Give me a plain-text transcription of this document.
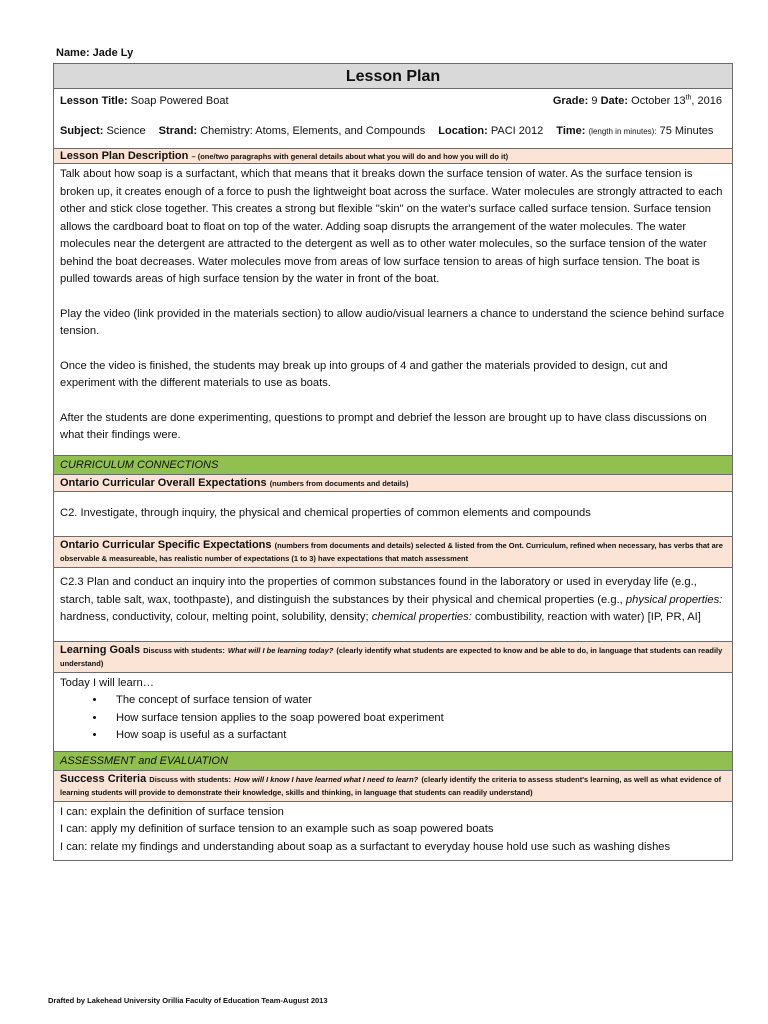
Name: Jade Ly
Lesson Plan
Lesson Title: Soap Powered Boat	Grade: 9 Date: October 13th, 2016
Subject: Science Strand: Chemistry: Atoms, Elements, and Compounds Location: PACI 2012 Time: (length in minutes): 75 Minutes
Lesson Plan Description – (one/two paragraphs with general details about what you will do and how you will do it)

Talk about how soap is a surfactant, which that means that it breaks down the surface tension of water. As the surface tension is broken up, it creates enough of a force to push the lightweight boat across the surface. Water molecules are strongly attracted to each other and stick close together. This creates a strong but flexible "skin" on the water's surface called surface tension. Surface tension allows the cardboard boat to float on top of the water. Adding soap disrupts the arrangement of the water molecules. The water molecules near the detergent are attracted to the detergent as well as to other water molecules, so the surface tension of the water behind the boat decreases. Water molecules move from areas of low surface tension to areas of high surface tension. The boat is pulled towards areas of high surface tension by the water in front of the boat.

Play the video (link provided in the materials section) to allow audio/visual learners a chance to understand the science behind surface tension.

Once the video is finished, the students may break up into groups of 4 and gather the materials provided to design, cut and experiment with the different materials to use as boats.

After the students are done experimenting, questions to prompt and debrief the lesson are brought up to have class discussions on what their findings were.

CURRICULUM CONNECTIONS
Ontario Curricular Overall Expectations (numbers from documents and details)
C2. Investigate, through inquiry, the physical and chemical properties of common elements and compounds
Ontario Curricular Specific Expectations (numbers from documents and details) selected & listed from the Ont. Curriculum, refined when necessary, has verbs that are observable & measureable, has realistic number of expectations (1 to 3) have expectations that match assessment
C2.3 Plan and conduct an inquiry into the properties of common substances found in the laboratory or used in everyday life (e.g., starch, table salt, wax, toothpaste), and distinguish the substances by their physical and chemical properties (e.g., physical properties: hardness, conductivity, colour, melting point, solubility, density; chemical properties: combustibility, reaction with water) [IP, PR, AI]
Learning Goals Discuss with students: What will I be learning today? (clearly identify what students are expected to know and be able to do, in language that students can readily understand)

Today I will learn…

• The concept of surface tension of water
• How surface tension applies to the soap powered boat experiment
• How soap is useful as a surfactant
ASSESSMENT and EVALUATION
Success Criteria Discuss with students: How will I know I have learned what I need to learn? (clearly identify the criteria to assess student's learning, as well as what evidence of learning students will provide to demonstrate their knowledge, skills and thinking, in language that students can readily understand)

I can: explain the definition of surface tension

I can: apply my definition of surface tension to an example such as soap powered boats

I can: relate my findings and understanding about soap as a surfactant to everyday house hold use such as washing dishes

Drafted by Lakehead University Orillia Faculty of Education Team-August 2013
